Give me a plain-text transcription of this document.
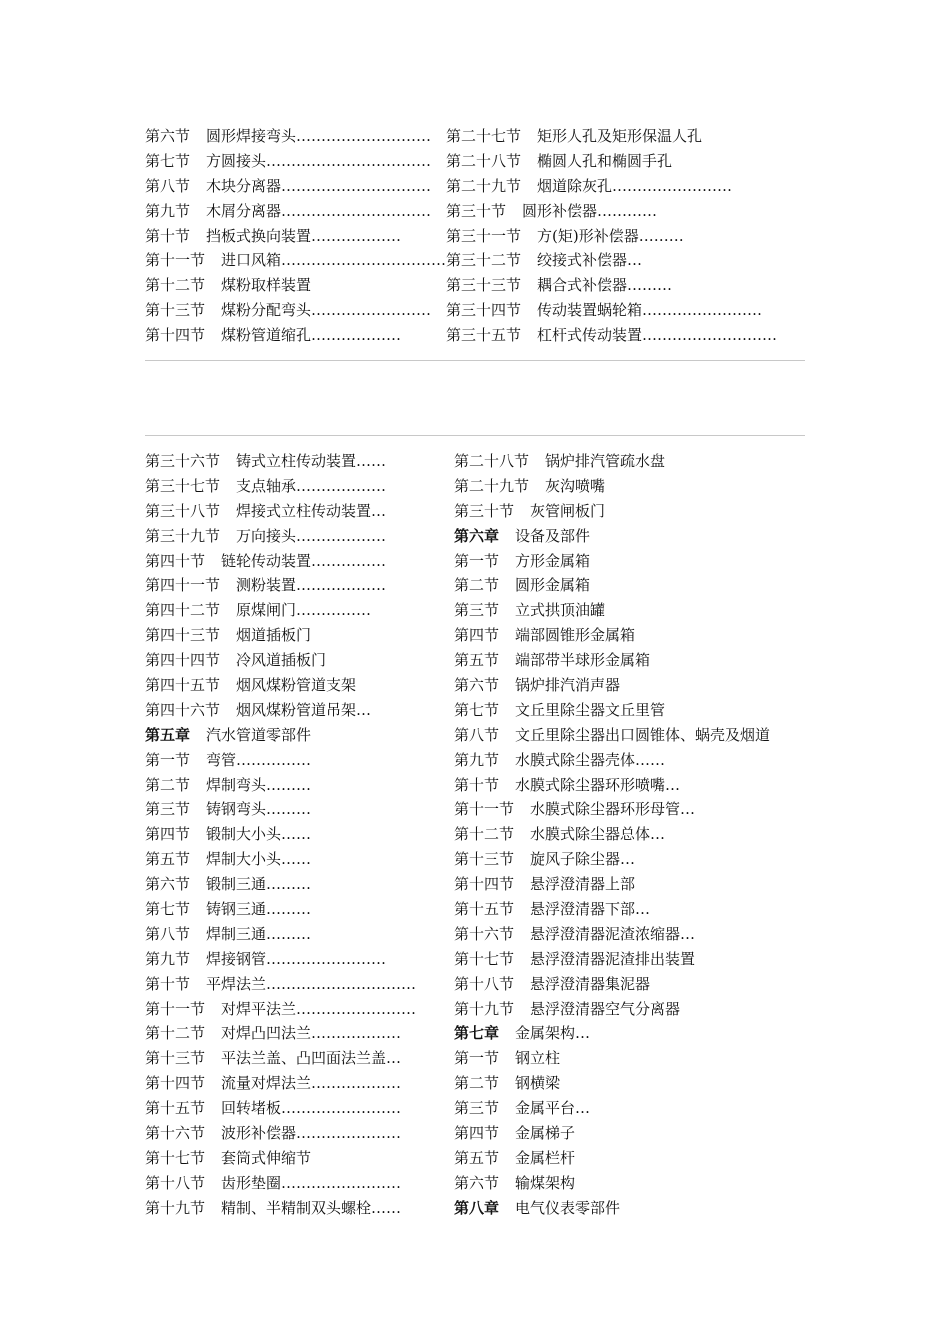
第六节 圆形焊接弯头……………………… 第二十七节 矩形人孔及矩形保温人孔
第七节 方圆接头…………………………… 第二十八节 椭圆人孔和椭圆手孔
第八节 木块分离器………………………… 第二十九节 烟道除灰孔……………………
第九节 木屑分离器………………………… 第三十节 圆形补偿器…………
第十节 挡板式换向装置………………	第三十一节 方(矩)形补偿器………
第十一节 进口风箱…………………………… 第三十二节 绞接式补偿器…
第十二节 煤粉取样装置	第三十三节 耦合式补偿器………
第十三节 煤粉分配弯头…………………… 第三十四节 传动装置蜗轮箱……………………
第十四节 煤粉管道缩孔………………	第三十五节 杠杆式传动装置………………………
第三十六节 铸式立柱传动装置……	第二十八节 锅炉排汽管疏水盘
第三十七节 支点轴承………………	第二十九节 灰沟喷嘴
第三十八节 焊接式立柱传动装置…	第三十节 灰管闸板门
第三十九节 万向接头………………	第六章 设备及部件
第四十节 链轮传动装置……………	第一节 方形金属箱
第四十一节 测粉装置………………	第二节 圆形金属箱
第四十二节 原煤闸门……………	第三节 立式拱顶油罐
第四十三节 烟道插板门	第四节 端部圆锥形金属箱
第四十四节 冷风道插板门	第五节 端部带半球形金属箱
第四十五节 烟风煤粉管道支架	第六节 锅炉排汽消声器
第四十六节 烟风煤粉管道吊架…	第七节 文丘里除尘器文丘里管
第五章 汽水管道零部件	第八节 文丘里除尘器出口圆锥体、蜗壳及烟道
第一节 弯管……………	第九节 水膜式除尘器壳体……
第二节 焊制弯头………	第十节 水膜式除尘器环形喷嘴…
第三节 铸钢弯头………	第十一节 水膜式除尘器环形母管…
第四节 锻制大小头……	第十二节 水膜式除尘器总体…
第五节 焊制大小头……	第十三节 旋风子除尘器…
第六节 锻制三通………	第十四节 悬浮澄清器上部
第七节 铸钢三通………	第十五节 悬浮澄清器下部…
第八节 焊制三通………	第十六节 悬浮澄清器泥渣浓缩器…
第九节 焊接钢管……………………	第十七节 悬浮澄清器泥渣排出装置
第十节 平焊法兰…………………………	第十八节 悬浮澄清器集泥器
第十一节 对焊平法兰……………………	第十九节 悬浮澄清器空气分离器
第十二节 对焊凸凹法兰………………	第七章 金属架构…
第十三节 平法兰盖、凸凹面法兰盖…	第一节 钢立柱
第十四节 流量对焊法兰………………	第二节 钢横梁
第十五节 回转堵板……………………	第三节 金属平台…
第十六节 波形补偿器…………………	第四节 金属梯子
第十七节 套筒式伸缩节	第五节 金属栏杆
第十八节 齿形垫圈……………………	第六节 输煤架构
第十九节 精制、半精制双头螺栓……	第八章 电气仪表零部件
